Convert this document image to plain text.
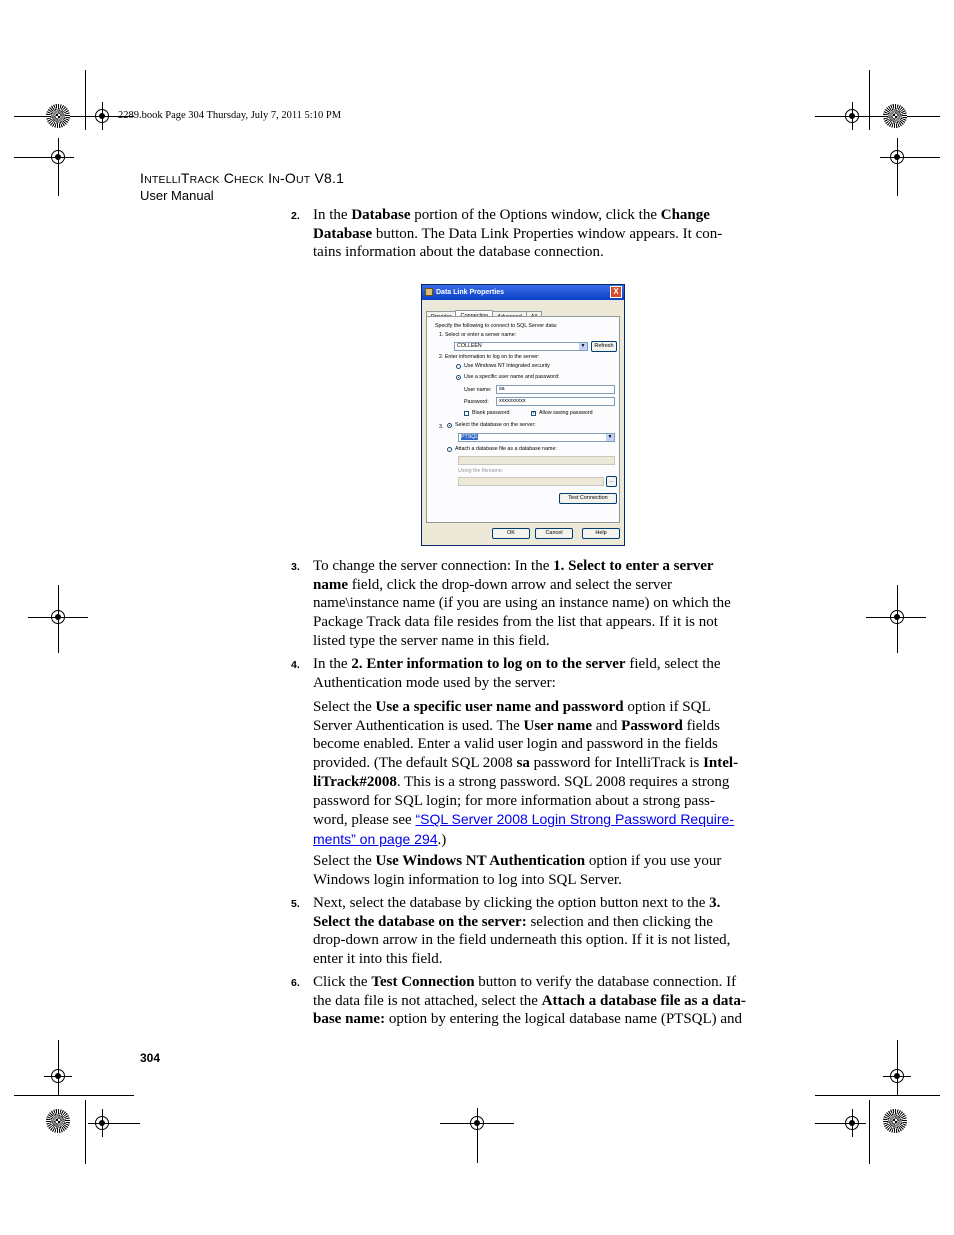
2289.book Page 304 Thursday, July 7, 2011 5:10 PM
INTELLITRACK CHECK IN-OUT V8.1
User Manual
2. In the Database portion of the Options window, click the Change
Database button. The Data Link Properties window appears. It con-
tains information about the database connection.
Data Link Properties	X
Specify the following to connect to SQL Server data:
1. Select or enter a server name:
COLLEEN	▼	Refresh
2. Enter information to log on to the server:
Use Windows NT Integrated security
Use a specific user name and password:
User name:	sa
Password:	xxxxxxxxxx
Blank password	✓ Allow saving password
3. Select the database on the server:
PTSQL	▼
Attach a database file as a database name:
Using the filename:
...
Test Connection
OK	Cancel	Help
3. To change the server connection: In the 1. Select to enter a server
name field, click the drop-down arrow and select the server
name\instance name (if you are using an instance name) on which the
Package Track data file resides from the list that appears. If it is not
listed type the server name in this field.
4. In the 2. Enter information to log on to the server field, select the
Authentication mode used by the server:
Select the Use a specific user name and password option if SQL
Server Authentication is used. The User name and Password fields
become enabled. Enter a valid user login and password in the fields
provided. (The default SQL 2008 sa password for IntelliTrack is Intel-
liTrack#2008. This is a strong password. SQL 2008 requires a strong
password for SQL login; for more information about a strong pass-
word, please see “SQL Server 2008 Login Strong Password Require-
ments” on page 294.)
Select the Use Windows NT Authentication option if you use your
Windows login information to log into SQL Server.
5. Next, select the database by clicking the option button next to the 3.
Select the database on the server: selection and then clicking the
drop-down arrow in the field underneath this option. If it is not listed,
enter it into this field.
6. Click the Test Connection button to verify the database connection. If
the data file is not attached, select the Attach a database file as a data-
base name: option by entering the logical database name (PTSQL) and
304
